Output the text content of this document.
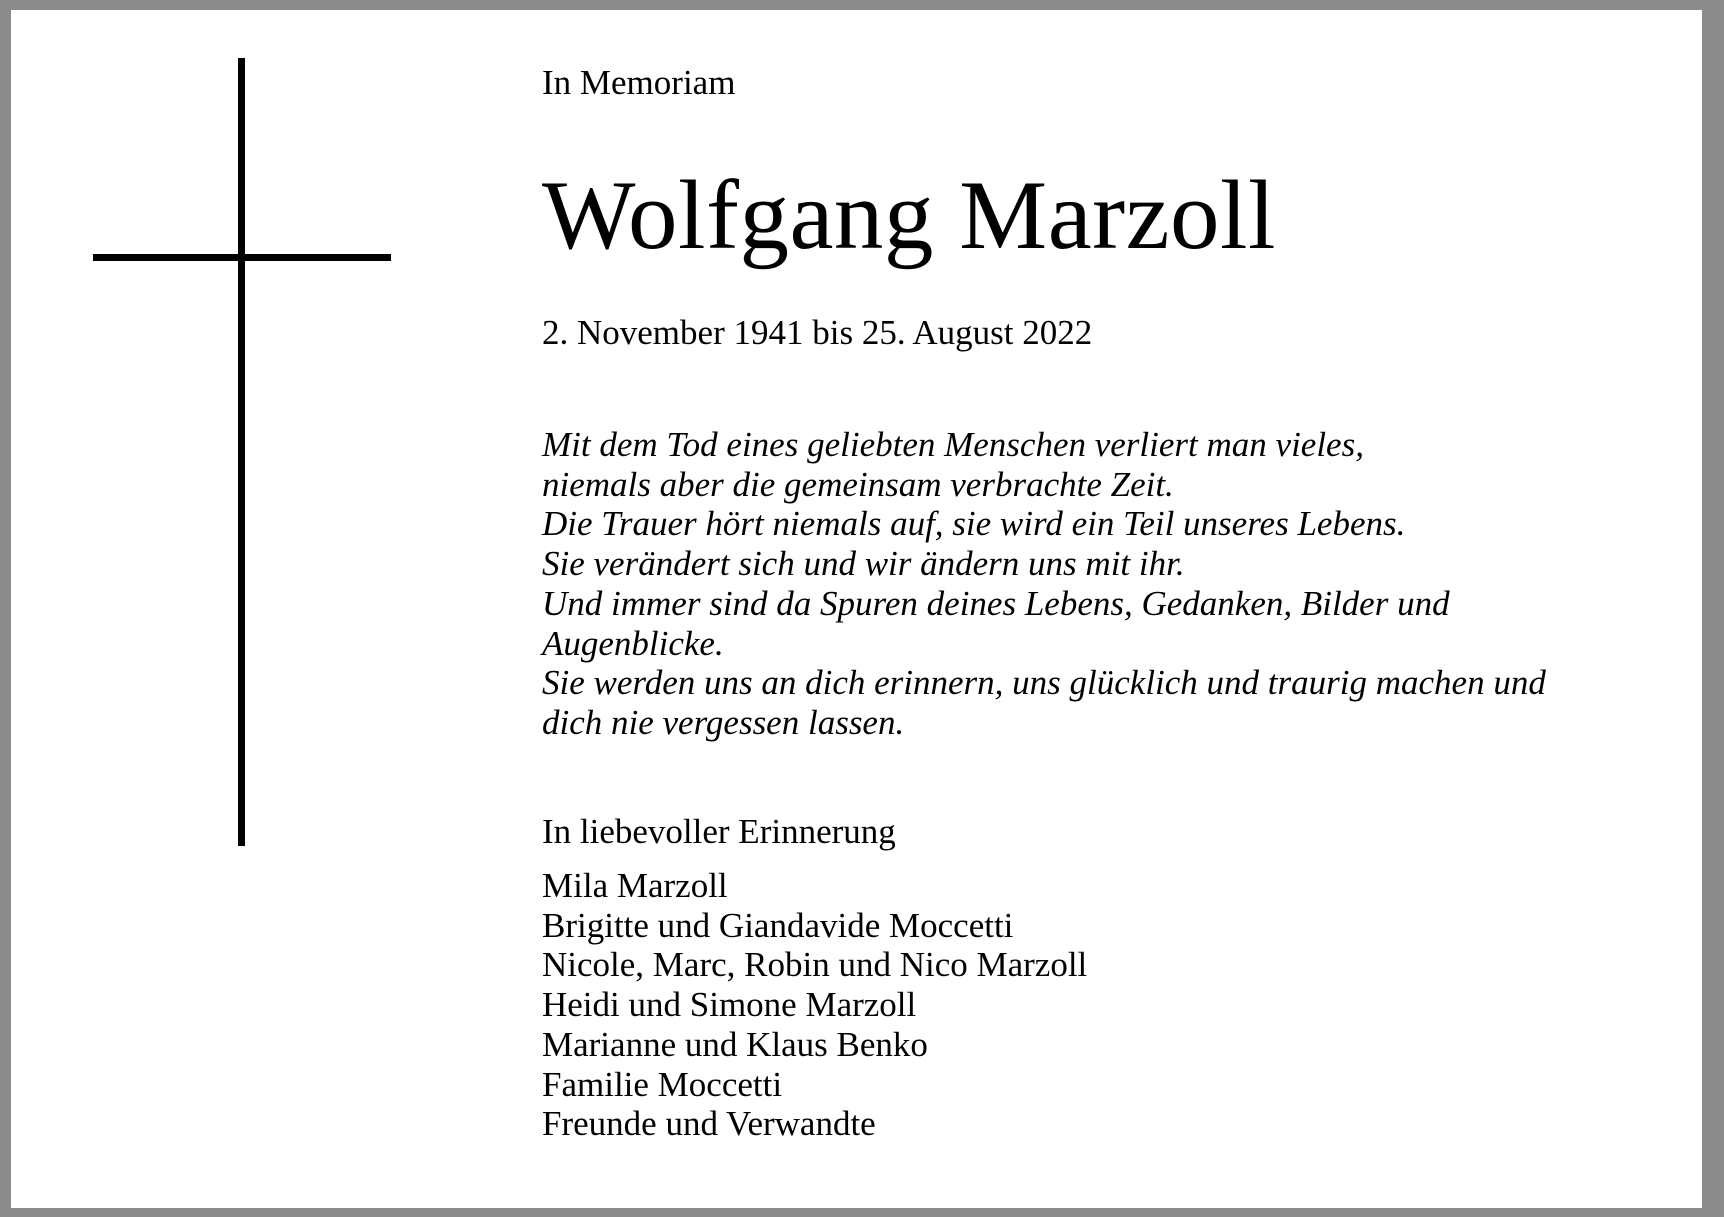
In Memoriam
Wolfgang Marzoll
2. November 1941 bis 25. August 2022
Mit dem Tod eines geliebten Menschen verliert man vieles,
niemals aber die gemeinsam verbrachte Zeit.
Die Trauer hört niemals auf, sie wird ein Teil unseres Lebens.
Sie verändert sich und wir ändern uns mit ihr.
Und immer sind da Spuren deines Lebens, Gedanken, Bilder und
Augenblicke.
Sie werden uns an dich erinnern, uns glücklich und traurig machen und
dich nie vergessen lassen.
In liebevoller Erinnerung
Mila Marzoll
Brigitte und Giandavide Moccetti
Nicole, Marc, Robin und Nico Marzoll
Heidi und Simone Marzoll
Marianne und Klaus Benko
Familie Moccetti
Freunde und Verwandte
